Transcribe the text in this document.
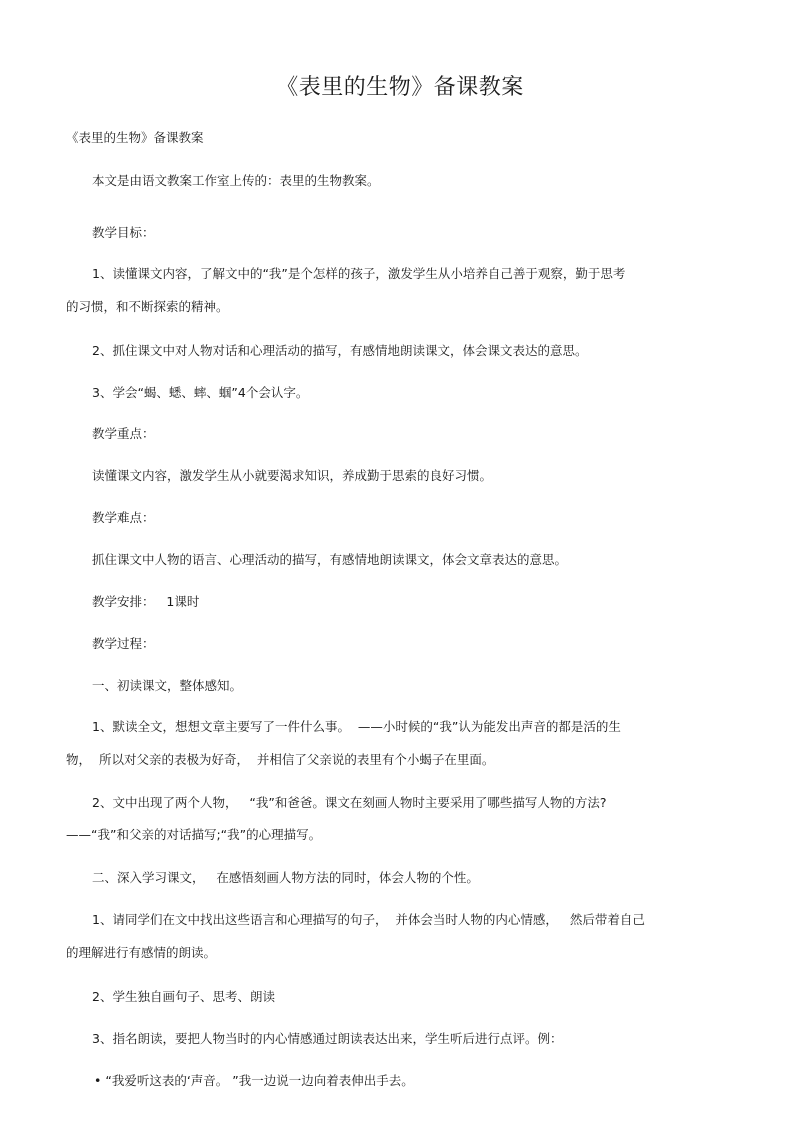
《表里的生物》备课教案
《表里的生物》备课教案
本文是由语文教案工作室上传的：表里的生物教案。
教学目标：
1、读懂课文内容，了解文中的“我”是个怎样的孩子，激发学生从小培养自己善于观察，勤于思考
的习惯，和不断探索的精神。
2、抓住课文中对人物对话和心理活动的描写，有感情地朗读课文，体会课文表达的意思。
3、学会“蝎、蟋、蟀、蝈”4个会认字。
教学重点：
读懂课文内容，激发学生从小就要渴求知识，养成勤于思索的良好习惯。
教学难点：
抓住课文中人物的语言、心理活动的描写，有感情地朗读课文，体会文章表达的意思。
教学安排：   1课时
教学过程：
一、初读课文，整体感知。
1、默读全文，想想文章主要写了一件什么事。  ——小时候的“我”认为能发出声音的都是活的生
物，  所以对父亲的表极为好奇，  并相信了父亲说的表里有个小蝎子在里面。
2、文中出现了两个人物，   “我”和爸爸。课文在刻画人物时主要采用了哪些描写人物的方法?
——“我”和父亲的对话描写;“我”的心理描写。
二、深入学习课文，   在感悟刻画人物方法的同时，体会人物的个性。
1、请同学们在文中找出这些语言和心理描写的句子，  并体会当时人物的内心情感，   然后带着自己
的理解进行有感情的朗读。
2、学生独自画句子、思考、朗读
3、指名朗读，要把人物当时的内心情感通过朗读表达出来，学生听后进行点评。例：
• “我爱听这表的‘声音。 ”我一边说一边向着表伸出手去。
